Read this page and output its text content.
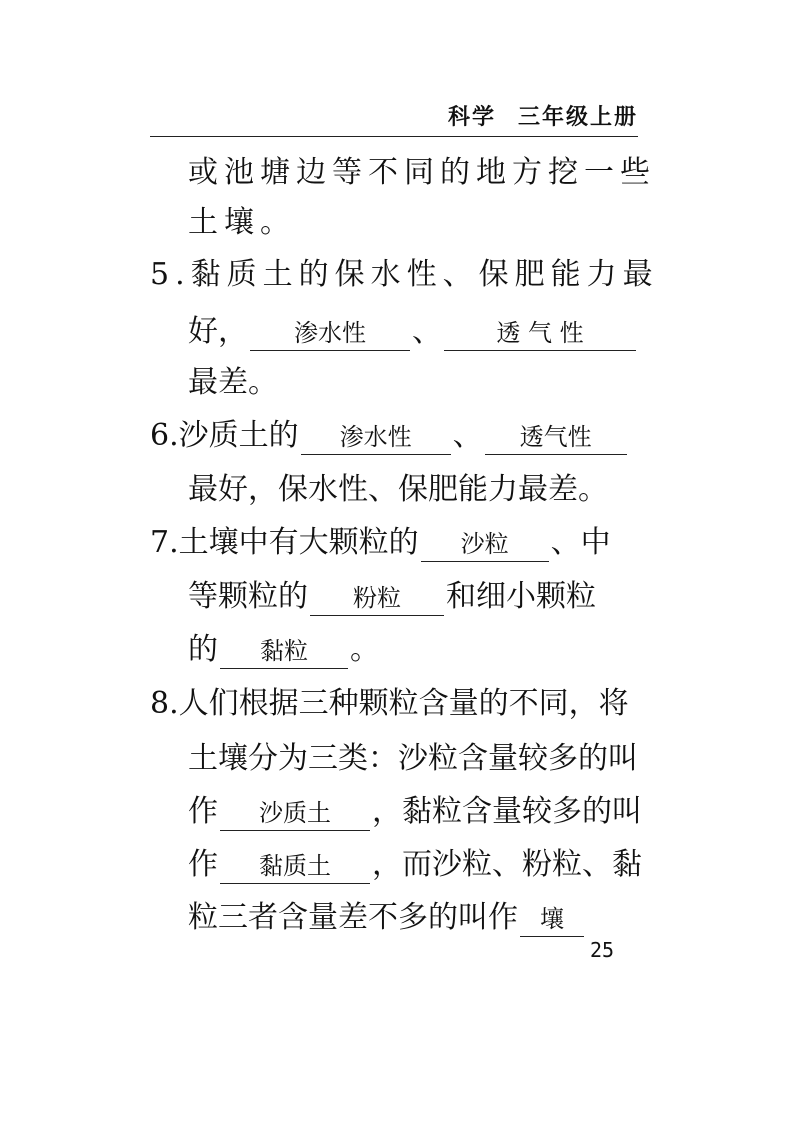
科学 三年级上册
或池塘边等不同的地方挖一些
土壤。
5.黏质土的保水性、保肥能力最
好， 渗水性 、 透 气 性
最差。
6.沙质土的 渗水性 、 透气性
最好，保水性、保肥能力最差。
7.土壤中有大颗粒的 沙粒 、中
等颗粒的 粉粒 和细小颗粒
的 黏粒 。
8.人们根据三种颗粒含量的不同，将
土壤分为三类：沙粒含量较多的叫
作 沙质土 ，黏粒含量较多的叫
作 黏质土 ，而沙粒、粉粒、黏
粒三者含量差不多的叫作 壤
25
